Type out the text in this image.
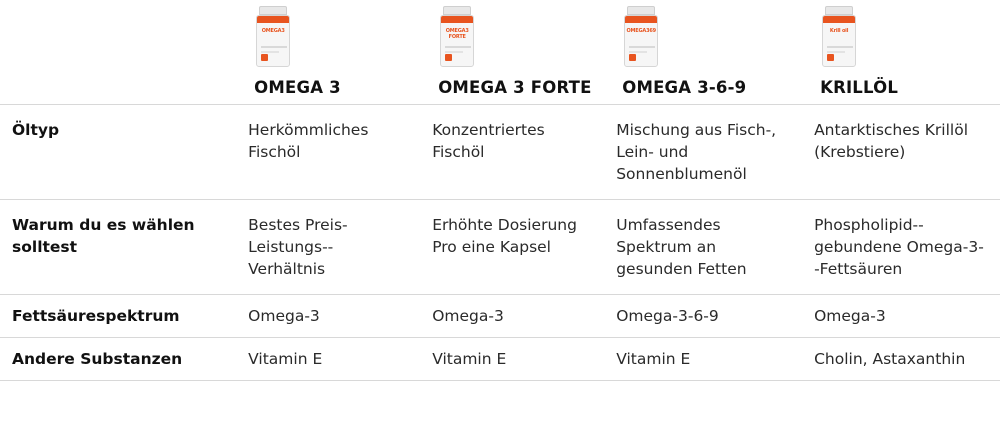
OMEGA3
OMEGA 3

OMEGA3 FORTE
OMEGA 3 FORTE

OMEGA369
OMEGA 3-6-9

Krill oil
KRILLÖL

Öltyp	Herkömmliches Fischöl	Konzentriertes Fischöl	Mischung aus Fisch-, Lein- und Sonnenblumenöl	Antarktisches Krillöl (Krebstiere)
Warum du es wählen solltest	Bestes Preis-Leistungs--Verhältnis	Erhöhte Dosierung Pro eine Kapsel	Umfassendes Spektrum an gesunden Fetten	Phospholipid--gebundene Omega-3--Fettsäuren
Fettsäurespektrum	Omega-3	Omega-3	Omega-3-6-9	Omega-3
Andere Substanzen	Vitamin E	Vitamin E	Vitamin E	Cholin, Astaxanthin
